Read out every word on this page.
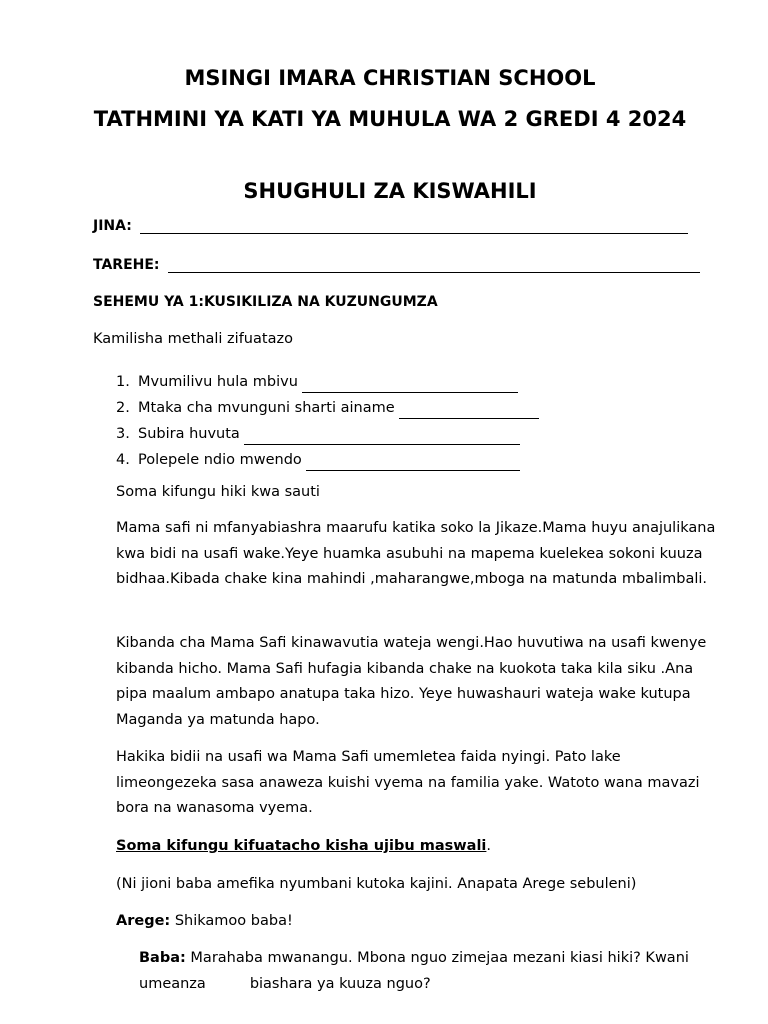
MSINGI IMARA CHRISTIAN SCHOOL
TATHMINI YA KATI YA MUHULA WA 2 GREDI 4 2024
SHUGHULI ZA KISWAHILI
JINA:
TAREHE:
SEHEMU YA 1:KUSIKILIZA NA KUZUNGUMZA
Kamilisha methali zifuatazo
1. Mvumilivu hula mbivu
2. Mtaka cha mvunguni sharti ainame
3. Subira huvuta
4. Polepele ndio mwendo

Soma kifungu hiki kwa sauti

Mama safi ni mfanyabiashra maarufu katika soko la Jikaze.Mama huyu anajulikana kwa bidi na usafi wake.Yeye huamka asubuhi na mapema kuelekea sokoni kuuza bidhaa.Kibada chake kina mahindi ,maharangwe,mboga na matunda mbalimbali.

Kibanda cha Mama Safi kinawavutia wateja wengi.Hao huvutiwa na usafi kwenye kibanda hicho. Mama Safi hufagia kibanda chake na kuokota taka kila siku .Ana pipa maalum ambapo anatupa taka hizo. Yeye huwashauri wateja wake kutupa Maganda ya matunda hapo.

Hakika bidii na usafi wa Mama Safi umemletea faida nyingi. Pato lake limeongezeka sasa anaweza kuishi vyema na familia yake. Watoto wana mavazi bora na wanasoma vyema.

Soma kifungu kifuatacho kisha ujibu maswali.

(Ni jioni baba amefika nyumbani kutoka kajini. Anapata Arege sebuleni)

Arege: Shikamoo baba!

Baba: Marahaba mwanangu. Mbona nguo zimejaa mezani kiasi hiki? Kwani umeanza	biashara ya kuuza nguo?
